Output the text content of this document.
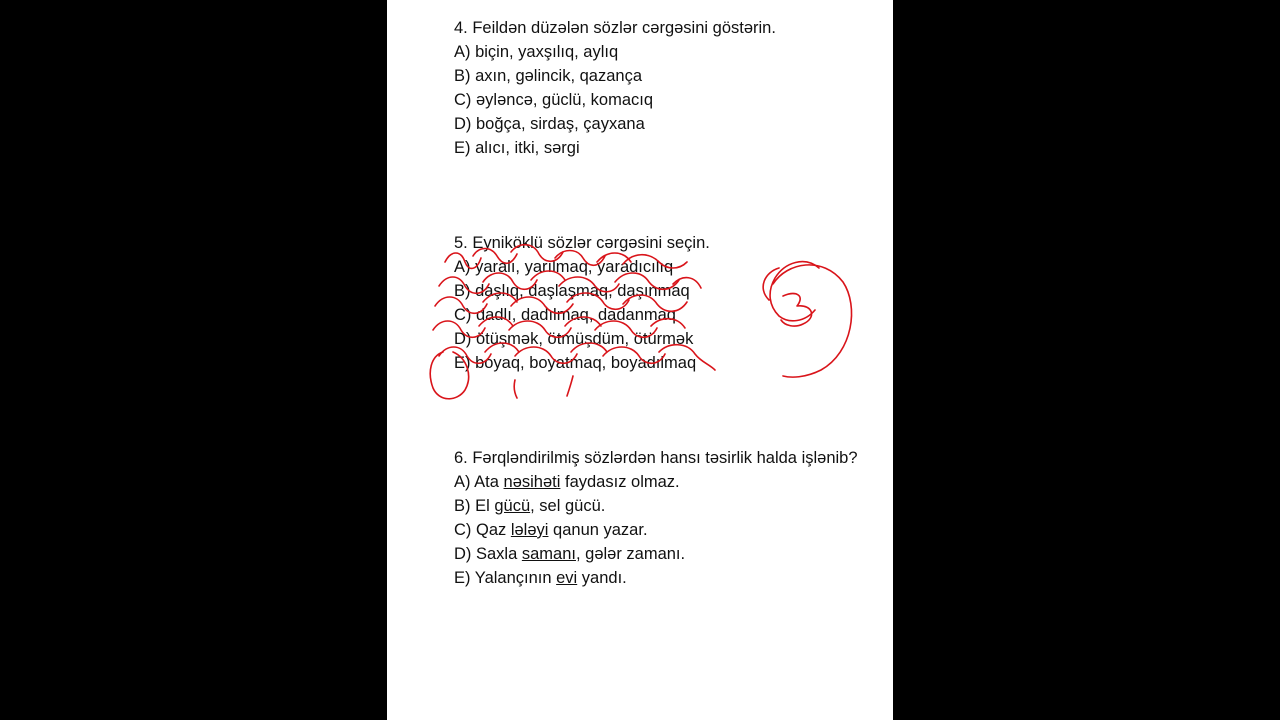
4. Feildən düzələn sözlər cərgəsini göstərin.
A) biçin, yaxşılıq, aylıq
B) axın, gəlincik, qazança
C) əyləncə, güclü, komacıq
D) boğça, sirdaş, çayxana
E) alıcı, itki, sərgi
5. Eyniköklü sözlər cərgəsini seçin.
A) yaralı, yarılmaq, yaradıcılıq
B) daşlıq, daşlaşmaq, daşınmaq
C) dadlı, dadılmaq, dadanmaq
D) ötüşmək, ötmüşdüm, ötürmək
E) boyaq, boyatmaq, boyadılmaq
6. Fərqləndirilmiş sözlərdən hansı təsirlik halda işlənib?
A) Ata nəsihəti faydasız olmaz.
B) El gücü, sel gücü.
C) Qaz lələyi qanun yazar.
D) Saxla samanı, gələr zamanı.
E) Yalançının evi yandı.
